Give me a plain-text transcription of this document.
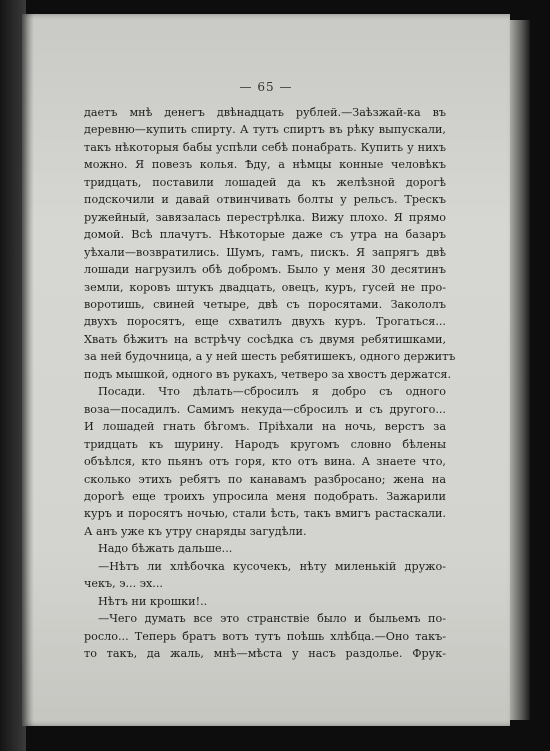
— 65 —
даетъ мнѣ денегъ двѣнадцать рублей.—Заѣзжай-ка въ
деревню—купить спирту. А тутъ спиртъ въ рѣку выпускали,
такъ нѣкоторыя бабы успѣли себѣ понабрать. Купить у нихъ
можно. Я повезъ колья. Ѣду, а нѣмцы конные человѣкъ
тридцать, поставили лошадей да къ желѣзной дорогѣ
подскочили и давай отвинчивать болты у рельсъ. Трескъ
ружейный, завязалась перестрѣлка. Вижу плохо. Я прямо
домой. Всѣ плачутъ. Нѣкоторые даже съ утра на базаръ
уѣхали—возвратились. Шумъ, гамъ, пискъ. Я запрягъ двѣ
лошади нагрузилъ обѣ добромъ. Было у меня 30 десятинъ
земли, коровъ штукъ двадцать, овецъ, куръ, гусей не про-
воротишь, свиней четыре, двѣ съ поросятами. Закололъ
двухъ поросятъ, еще схватилъ двухъ куръ. Трогаться...
Хвать бѣжитъ на встрѣчу сосѣдка съ двумя ребятишками,
за ней будочница, а у ней шесть ребятишекъ, одного держитъ
подъ мышкой, одного въ рукахъ, четверо за хвостъ держатся.
Посади. Что дѣлать—сбросилъ я добро съ одного
воза—посадилъ. Самимъ некуда—сбросилъ и съ другого...
И лошадей гнать бѣгомъ. Пріѣхали на ночь, верстъ за
тридцать къ шурину. Народъ кругомъ словно бѣлены
объѣлся, кто пьянъ отъ горя, кто отъ вина. А знаете что,
сколько этихъ ребятъ по канавамъ разбросано; жена на
дорогѣ еще троихъ упросила меня подобрать. Зажарили
куръ и поросятъ ночью, стали ѣсть, такъ вмигъ растаскали.
А анъ уже къ утру снаряды загудѣли.
Надо бѣжать дальше...
—Нѣтъ ли хлѣбочка кусочекъ, нѣту миленькій дружо-
чекъ, э... эх...
Нѣтъ ни крошки!..
—Чего думать все это странствіе было и быльемъ по-
росло... Теперь братъ вотъ тутъ поѣшь хлѣбца.—Оно такъ-
то такъ, да жаль, мнѣ—мѣста у насъ раздолье. Фрук-
